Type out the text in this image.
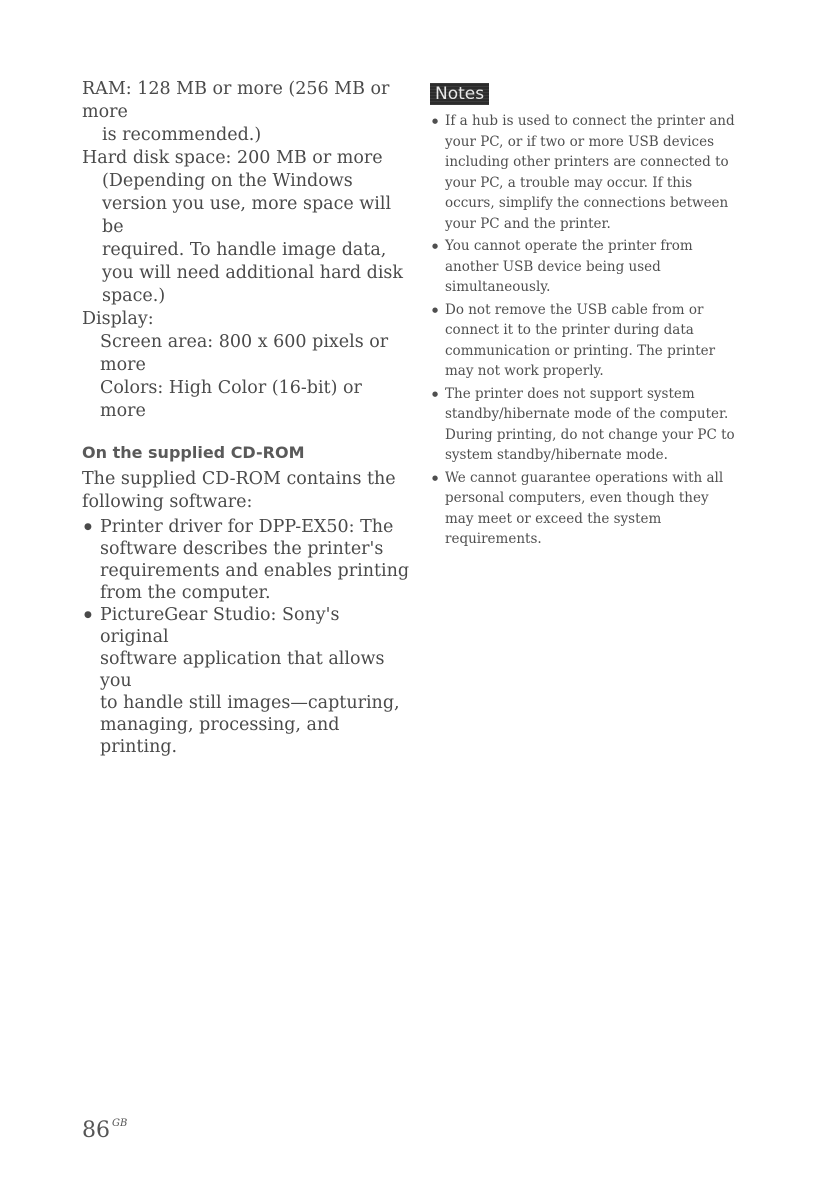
RAM: 128 MB or more (256 MB or more

is recommended.)

Hard disk space: 200 MB or more

(Depending on the Windows

version you use, more space will be

required. To handle image data,

you will need additional hard disk

space.)

Display:

Screen area: 800 x 600 pixels or more

Colors: High Color (16-bit) or more

On the supplied CD-ROM

The supplied CD-ROM contains the

following software:

● Printer driver for DPP-EX50: The
software describes the printer's
requirements and enables printing
from the computer.
● PictureGear Studio: Sony's original
software application that allows you
to handle still images—capturing,
managing, processing, and printing.
Notes
● If a hub is used to connect the printer and
your PC, or if two or more USB devices
including other printers are connected to
your PC, a trouble may occur. If this
occurs, simplify the connections between
your PC and the printer.
● You cannot operate the printer from
another USB device being used
simultaneously.
● Do not remove the USB cable from or
connect it to the printer during data
communication or printing. The printer
may not work properly.
● The printer does not support system
standby/hibernate mode of the computer.
During printing, do not change your PC to
system standby/hibernate mode.
● We cannot guarantee operations with all
personal computers, even though they
may meet or exceed the system
requirements.
86 $^{GB}$
